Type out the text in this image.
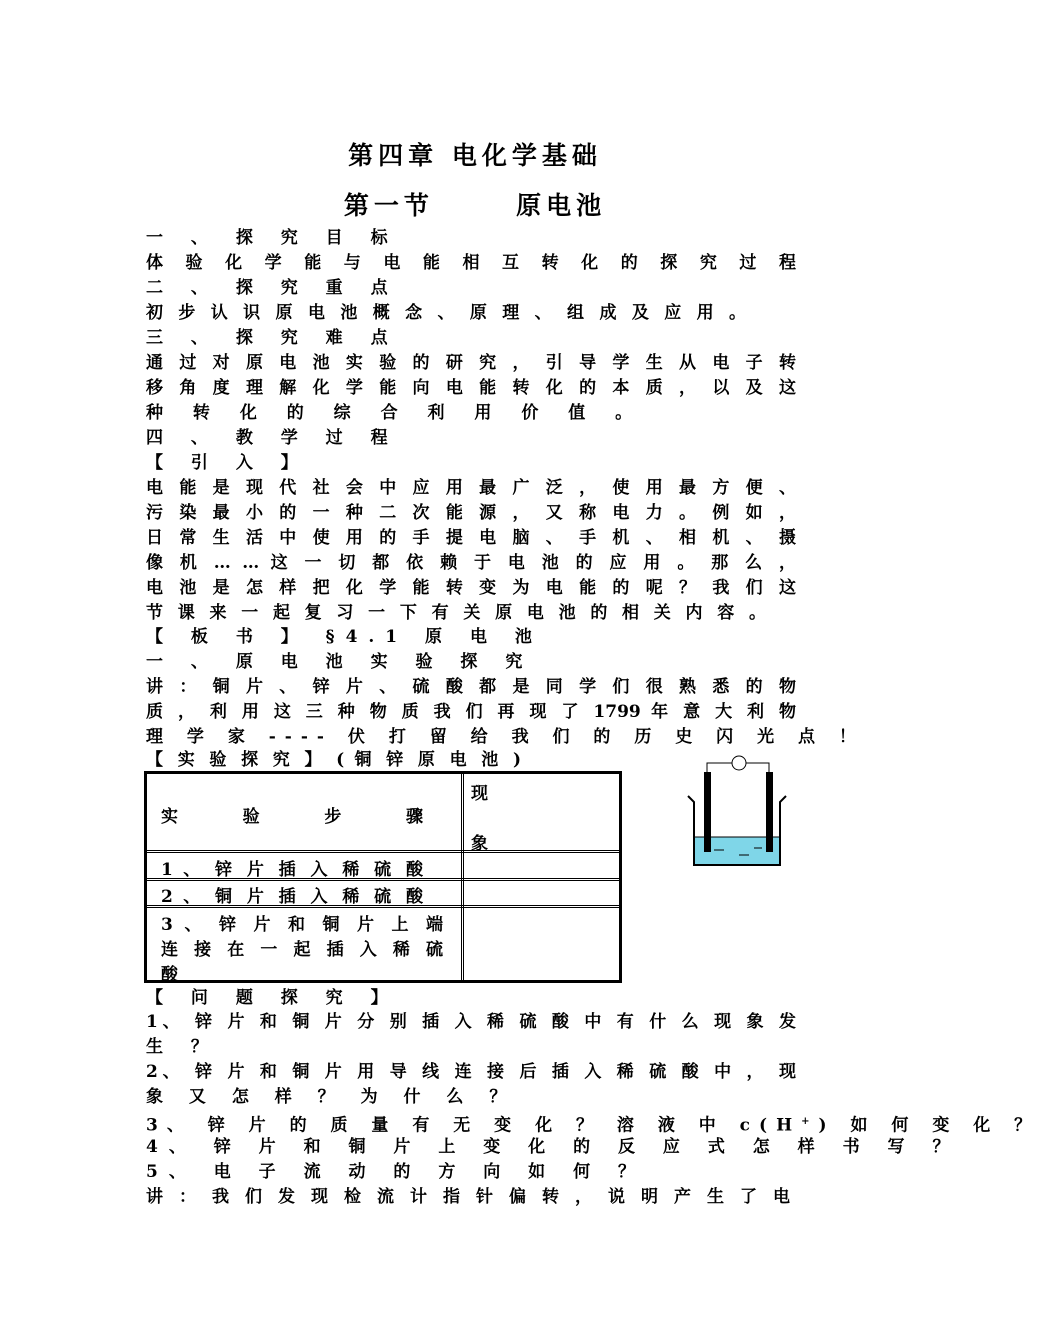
第四章 电化学基础
第一节      原电池
一 、 探 究 目 标
体 验 化 学 能 与 电 能 相 互 转 化 的 探 究 过 程
二 、 探 究 重 点
初 步 认 识 原 电 池 概 念 、 原 理 、 组 成 及 应 用 。
三 、 探 究 难 点
通 过 对 原 电 池 实 验 的 研 究 ， 引 导 学 生 从 电 子 转
移 角 度 理 解 化 学 能 向 电 能 转 化 的 本 质 ， 以 及 这
种 转 化 的 综 合 利 用 价 值 。
四 、 教 学 过 程
【 引 入 】
电 能 是 现 代 社 会 中 应 用 最 广 泛 ， 使 用 最 方 便 、
污 染 最 小 的 一 种 二 次 能 源 ， 又 称 电 力 。 例 如 ，
日 常 生 活 中 使 用 的 手 提 电 脑 、 手 机 、 相 机 、 摄
像 机 … … 这 一 切 都 依 赖 于 电 池 的 应 用 。 那 么 ，
电 池 是 怎 样 把 化 学 能 转 变 为 电 能 的 呢 ？ 我 们 这
节 课 来 一 起 复 习 一 下 有 关 原 电 池 的 相 关 内 容 。
【 板 书 】 §4.1 原 电 池
一 、 原 电 池 实 验 探 究
讲 ： 铜 片 、 锌 片 、 硫 酸 都 是 同 学 们 很 熟 悉 的 物
质 ， 利 用 这 三 种 物 质 我 们 再 现 了 1799 年 意 大 利 物
理 学 家 ---- 伏 打 留 给 我 们 的 历 史 闪 光 点 ！
【 实 验 探 究 】 ( 铜 锌 原 电 池 )
实 验 步 骤
现
象
1 、 锌 片 插 入 稀 硫 酸
2 、 铜 片 插 入 稀 硫 酸
3 、 锌 片 和 铜 片 上 端
连 接 在 一 起 插 入 稀 硫
酸
【 问 题 探 究 】
1、 锌 片 和 铜 片 分 别 插 入 稀 硫 酸 中 有 什 么 现 象 发
生 ？
2、 锌 片 和 铜 片 用 导 线 连 接 后 插 入 稀 硫 酸 中 ， 现
象 又 怎 样 ？ 为 什 么 ？
3、 锌 片 的 质 量 有 无 变 化 ？ 溶 液 中 c(H+) 如 何 变 化 ？
4、 锌 片 和 铜 片 上 变 化 的 反 应 式 怎 样 书 写 ？
5、 电 子 流 动 的 方 向 如 何 ？
讲 ： 我 们 发 现 检 流 计 指 针 偏 转 ， 说 明 产 生 了 电
